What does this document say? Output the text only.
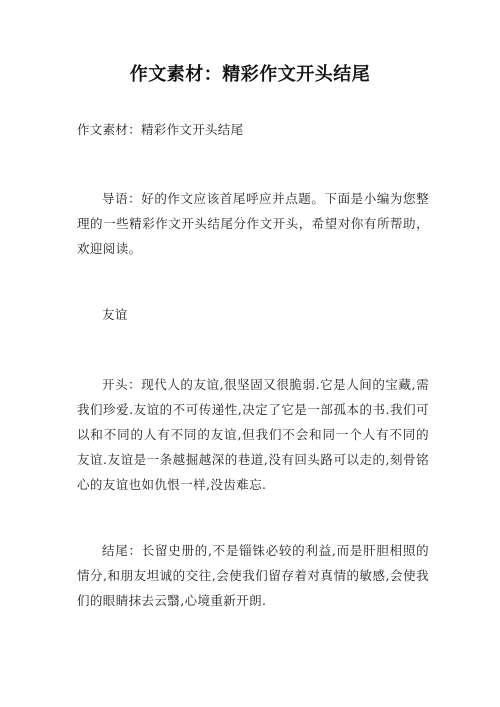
作文素材：精彩作文开头结尾
作文素材：精彩作文开头结尾

导语：好的作文应该首尾呼应并点题。下面是小编为您整理的一些精彩作文开头结尾分作文开头，希望对你有所帮助，欢迎阅读。

友谊

开头：现代人的友谊,很坚固又很脆弱.它是人间的宝藏,需我们珍爱.友谊的不可传递性,决定了它是一部孤本的书.我们可以和不同的人有不同的友谊,但我们不会和同一个人有不同的友谊.友谊是一条越掘越深的巷道,没有回头路可以走的,刻骨铭心的友谊也如仇恨一样,没齿难忘.

结尾：长留史册的,不是锱铢必较的利益,而是肝胆相照的情分,和朋友坦诚的交往,会使我们留存着对真情的敏感,会使我们的眼睛抹去云翳,心境重新开朗.
